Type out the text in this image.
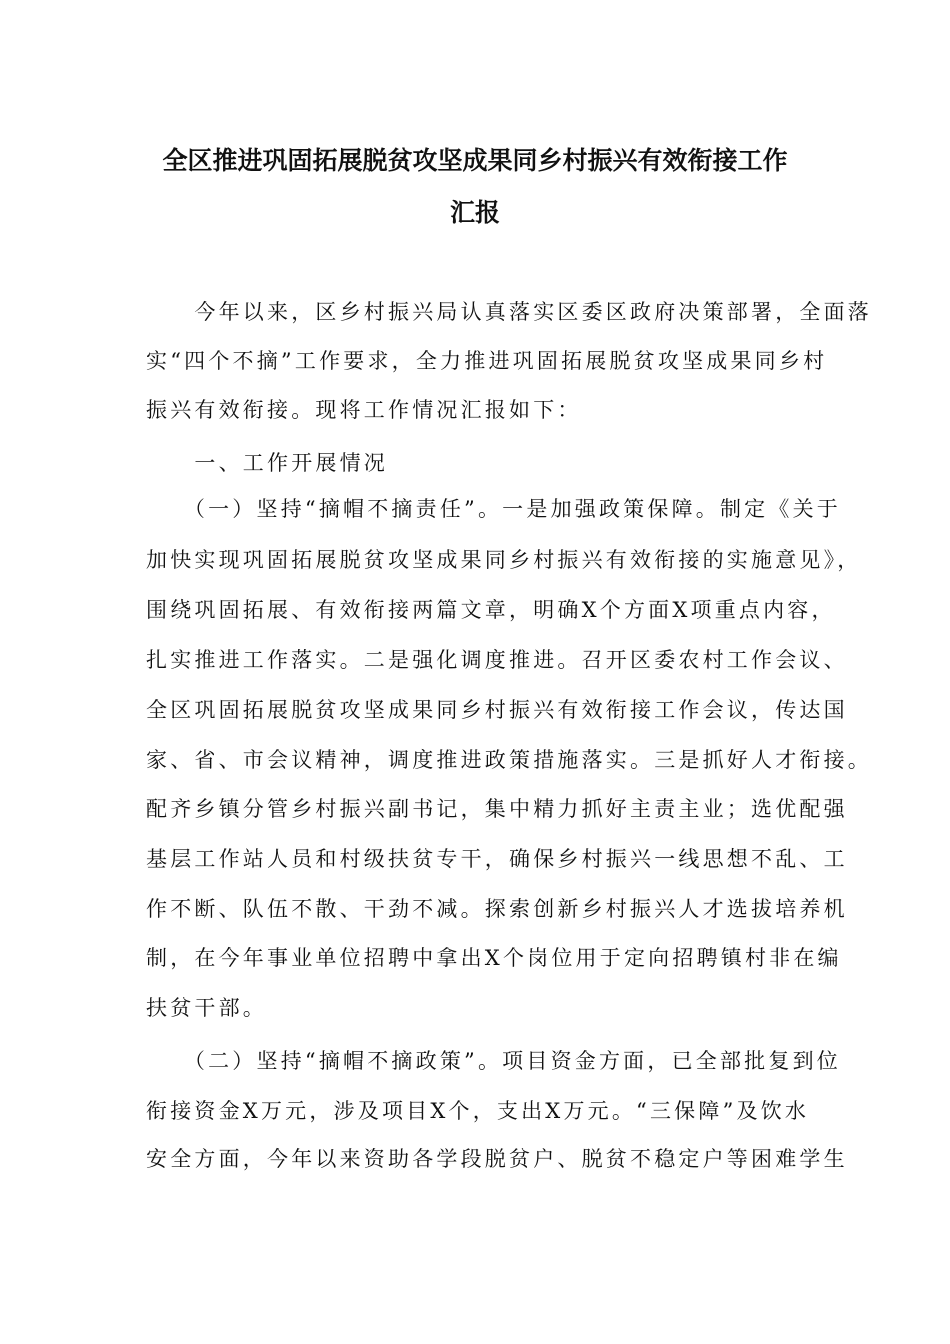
全区推进巩固拓展脱贫攻坚成果同乡村振兴有效衔接工作
汇报
　　今年以来，区乡村振兴局认真落实区委区政府决策部署，全面落
实“四个不摘”工作要求，全力推进巩固拓展脱贫攻坚成果同乡村
振兴有效衔接。现将工作情况汇报如下：
　　一、工作开展情况
　　（一）坚持“摘帽不摘责任”。一是加强政策保障。制定《关于
加快实现巩固拓展脱贫攻坚成果同乡村振兴有效衔接的实施意见》，
围绕巩固拓展、有效衔接两篇文章，明确X个方面X项重点内容，
扎实推进工作落实。二是强化调度推进。召开区委农村工作会议、
全区巩固拓展脱贫攻坚成果同乡村振兴有效衔接工作会议，传达国
家、省、市会议精神，调度推进政策措施落实。三是抓好人才衔接。
配齐乡镇分管乡村振兴副书记，集中精力抓好主责主业；选优配强
基层工作站人员和村级扶贫专干，确保乡村振兴一线思想不乱、工
作不断、队伍不散、干劲不减。探索创新乡村振兴人才选拔培养机
制，在今年事业单位招聘中拿出X个岗位用于定向招聘镇村非在编
扶贫干部。
　　（二）坚持“摘帽不摘政策”。项目资金方面，已全部批复到位
衔接资金X万元，涉及项目X个，支出X万元。“三保障”及饮水
安全方面，今年以来资助各学段脱贫户、脱贫不稳定户等困难学生
